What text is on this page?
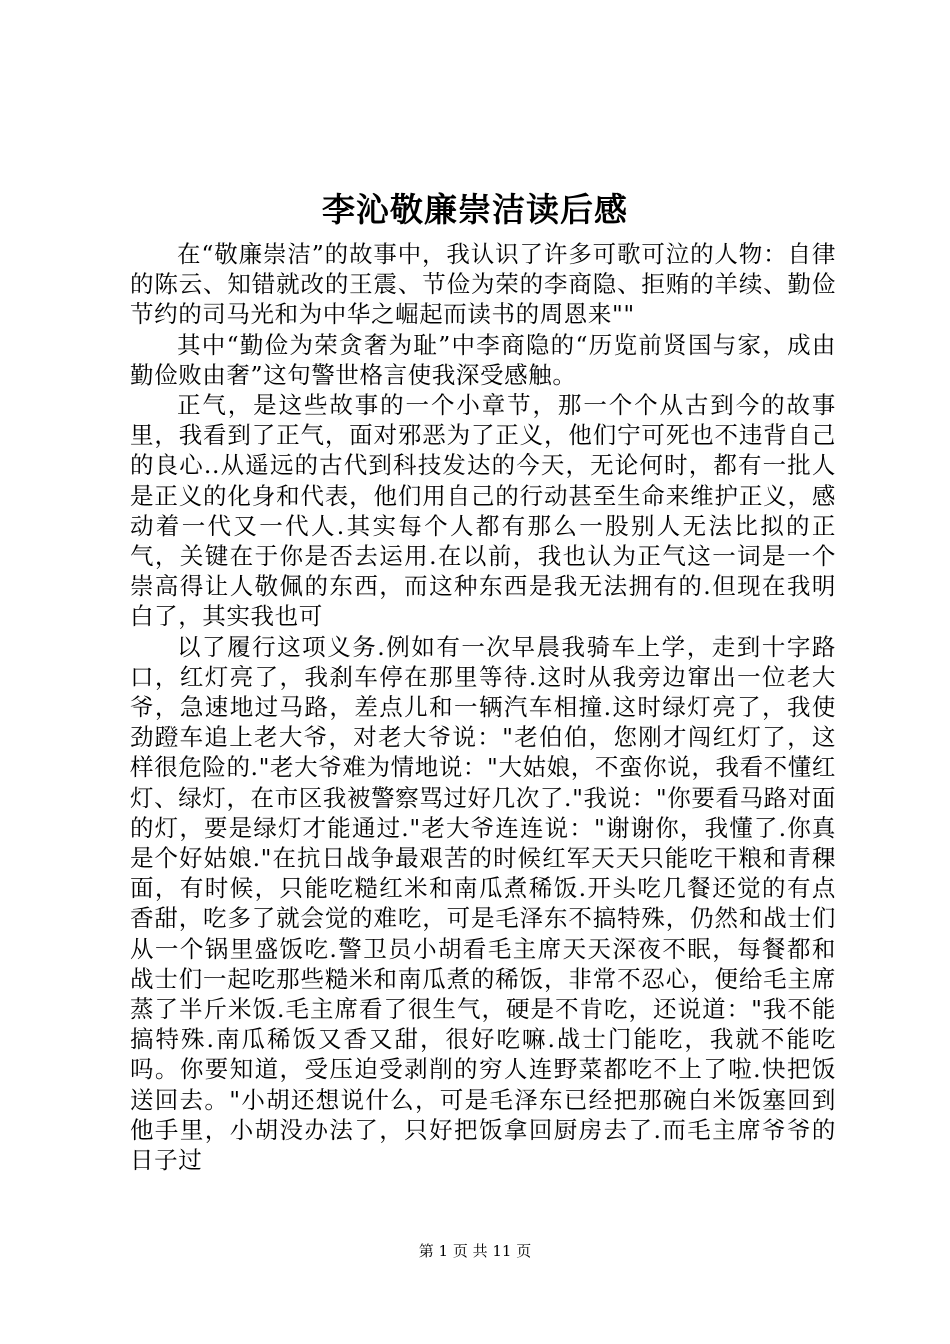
李沁敬廉崇洁读后感

在“敬廉崇洁”的故事中，我认识了许多可歌可泣的人物：自律的陈云、知错就改的王震、节俭为荣的李商隐、拒贿的羊续、勤俭节约的司马光和为中华之崛起而读书的周恩来""

其中“勤俭为荣贪奢为耻”中李商隐的“历览前贤国与家，成由勤俭败由奢”这句警世格言使我深受感触。

正气，是这些故事的一个小章节，那一个个从古到今的故事里，我看到了正气，面对邪恶为了正义，他们宁可死也不违背自己的良心..从遥远的古代到科技发达的今天，无论何时，都有一批人是正义的化身和代表，他们用自己的行动甚至生命来维护正义，感动着一代又一代人.其实每个人都有那么一股别人无法比拟的正气，关键在于你是否去运用.在以前，我也认为正气这一词是一个崇高得让人敬佩的东西，而这种东西是我无法拥有的.但现在我明白了，其实我也可

以了履行这项义务.例如有一次早晨我骑车上学，走到十字路口，红灯亮了，我刹车停在那里等待.这时从我旁边窜出一位老大爷，急速地过马路，差点儿和一辆汽车相撞.这时绿灯亮了，我使劲蹬车追上老大爷，对老大爷说："老伯伯，您刚才闯红灯了，这样很危险的."老大爷难为情地说："大姑娘，不蛮你说，我看不懂红灯、绿灯，在市区我被警察骂过好几次了."我说："你要看马路对面的灯，要是绿灯才能通过."老大爷连连说："谢谢你，我懂了.你真是个好姑娘."在抗日战争最艰苦的时候红军天天只能吃干粮和青稞面，有时候，只能吃糙红米和南瓜煮稀饭.开头吃几餐还觉的有点香甜，吃多了就会觉的难吃，可是毛泽东不搞特殊，仍然和战士们从一个锅里盛饭吃.警卫员小胡看毛主席天天深夜不眠，每餐都和战士们一起吃那些糙米和南瓜煮的稀饭，非常不忍心，便给毛主席蒸了半斤米饭.毛主席看了很生气，硬是不肯吃，还说道："我不能搞特殊.南瓜稀饭又香又甜，很好吃嘛.战士门能吃，我就不能吃吗。你要知道，受压迫受剥削的穷人连野菜都吃不上了啦.快把饭送回去。"小胡还想说什么，可是毛泽东已经把那碗白米饭塞回到他手里，小胡没办法了，只好把饭拿回厨房去了.而毛主席爷爷的日子过

第 1 页 共 11 页
